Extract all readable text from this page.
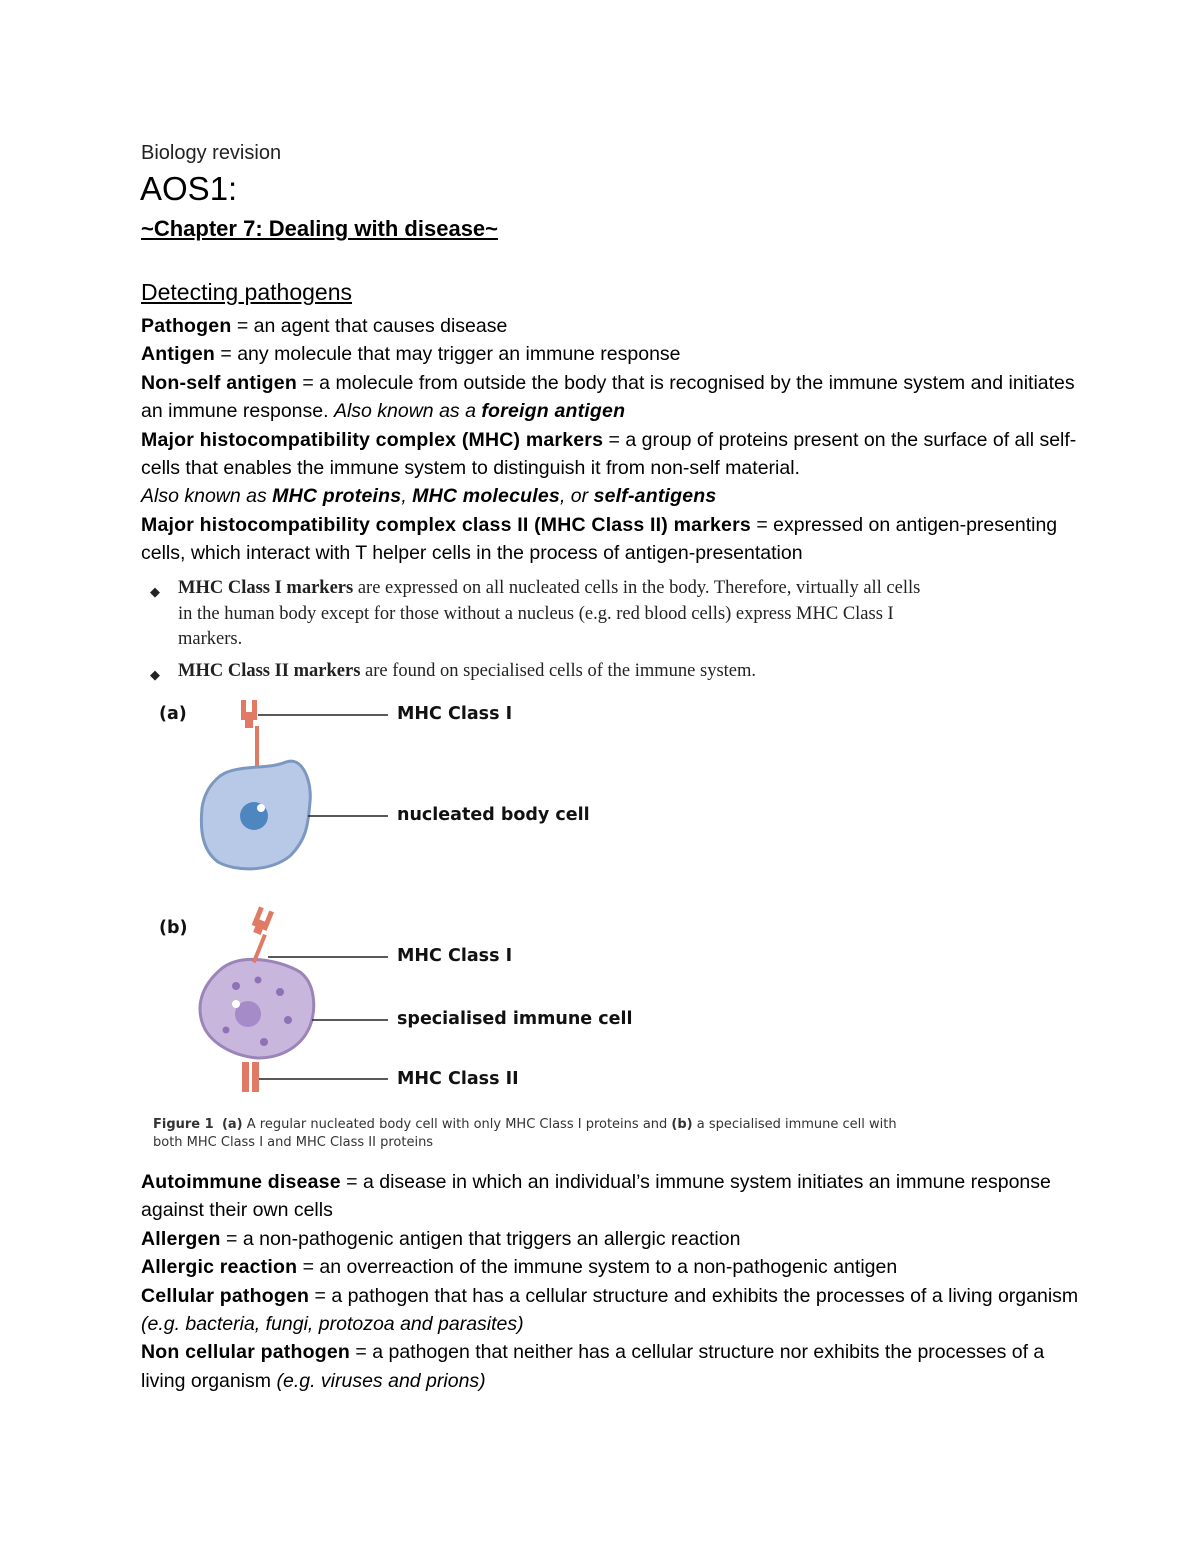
Biology revision
AOS1:
~Chapter 7: Dealing with disease~
Detecting pathogens

Pathogen = an agent that causes disease

Antigen = any molecule that may trigger an immune response

Non-self antigen = a molecule from outside the body that is recognised by the immune system and initiates an immune response. Also known as a foreign antigen

Major histocompatibility complex (MHC) markers = a group of proteins present on the surface of all self-cells that enables the immune system to distinguish it from non-self material.

Also known as MHC proteins, MHC molecules, or self-antigens

Major histocompatibility complex class II (MHC Class II) markers = expressed on antigen-presenting cells, which interact with T helper cells in the process of antigen-presentation

◆ MHC Class I markers are expressed on all nucleated cells in the body. Therefore, virtually all cells in the human body except for those without a nucleus (e.g. red blood cells) express MHC Class I markers.
◆ MHC Class II markers are found on specialised cells of the immune system.
(a)
(b)
MHC Class I
nucleated body cell
MHC Class I
specialised immune cell
MHC Class II
Figure 1 (a) A regular nucleated body cell with only MHC Class I proteins and (b) a specialised immune cell with both MHC Class I and MHC Class II proteins

Autoimmune disease = a disease in which an individual’s immune system initiates an immune response against their own cells

Allergen = a non-pathogenic antigen that triggers an allergic reaction

Allergic reaction = an overreaction of the immune system to a non-pathogenic antigen

Cellular pathogen = a pathogen that has a cellular structure and exhibits the processes of a living organism (e.g. bacteria, fungi, protozoa and parasites)

Non cellular pathogen = a pathogen that neither has a cellular structure nor exhibits the processes of a living organism (e.g. viruses and prions)
